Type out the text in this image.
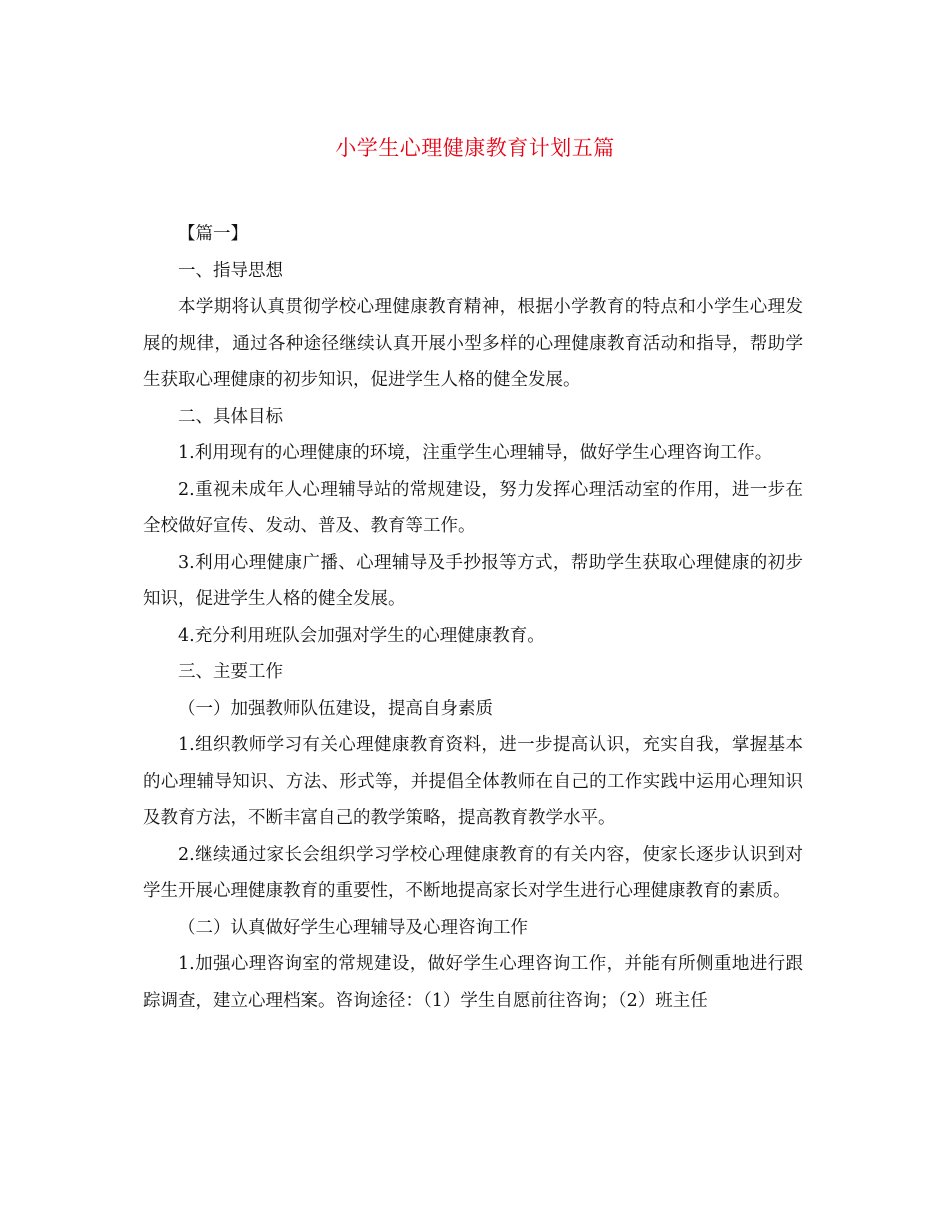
小学生心理健康教育计划五篇

【篇一】

一、指导思想

本学期将认真贯彻学校心理健康教育精神，根据小学教育的特点和小学生心理发展的规律，通过各种途径继续认真开展小型多样的心理健康教育活动和指导，帮助学生获取心理健康的初步知识，促进学生人格的健全发展。

二、具体目标

1.利用现有的心理健康的环境，注重学生心理辅导，做好学生心理咨询工作。

2.重视未成年人心理辅导站的常规建设，努力发挥心理活动室的作用，进一步在全校做好宣传、发动、普及、教育等工作。

3.利用心理健康广播、心理辅导及手抄报等方式，帮助学生获取心理健康的初步知识，促进学生人格的健全发展。

4.充分利用班队会加强对学生的心理健康教育。

三、主要工作

（一）加强教师队伍建设，提高自身素质

1.组织教师学习有关心理健康教育资料，进一步提高认识，充实自我，掌握基本的心理辅导知识、方法、形式等，并提倡全体教师在自己的工作实践中运用心理知识及教育方法，不断丰富自己的教学策略，提高教育教学水平。

2.继续通过家长会组织学习学校心理健康教育的有关内容，使家长逐步认识到对学生开展心理健康教育的重要性，不断地提高家长对学生进行心理健康教育的素质。

（二）认真做好学生心理辅导及心理咨询工作

1.加强心理咨询室的常规建设，做好学生心理咨询工作，并能有所侧重地进行跟踪调查，建立心理档案。咨询途径：（1）学生自愿前往咨询；（2）班主任
